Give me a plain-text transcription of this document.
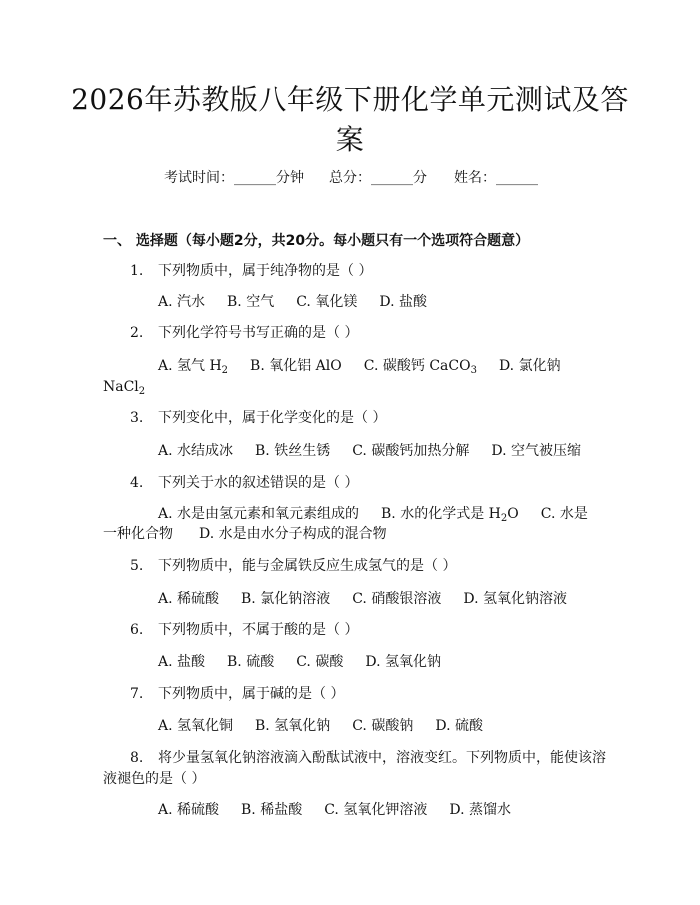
2026年苏教版八年级下册化学单元测试及答
案
考试时间：______分钟 总分：______分 姓名：______
一、 选择题（每小题2分，共20分。每小题只有一个选项符合题意）
1. 下列物质中，属于纯净物的是（ ）
A. 汽水 B. 空气 C. 氧化镁 D. 盐酸
2. 下列化学符号书写正确的是（ ）
A. 氢气 $H_2$ B. 氧化铝 AlO C. 碳酸钙 CaCO$_3$ D. 氯化钠
NaCl$_2$
3. 下列变化中，属于化学变化的是（ ）
A. 水结成冰 B. 铁丝生锈 C. 碳酸钙加热分解 D. 空气被压缩
4. 下列关于水的叙述错误的是（ ）
A. 水是由氢元素和氧元素组成的 B. 水的化学式是 $H_2O$ C. 水是
一种化合物 D. 水是由水分子构成的混合物
5. 下列物质中，能与金属铁反应生成氢气的是（ ）
A. 稀硫酸 B. 氯化钠溶液 C. 硝酸银溶液 D. 氢氧化钠溶液
6. 下列物质中，不属于酸的是（ ）
A. 盐酸 B. 硫酸 C. 碳酸 D. 氢氧化钠
7. 下列物质中，属于碱的是（ ）
A. 氢氧化铜 B. 氢氧化钠 C. 碳酸钠 D. 硫酸
8. 将少量氢氧化钠溶液滴入酚酞试液中，溶液变红。下列物质中，能使该溶
液褪色的是（ ）
A. 稀硫酸 B. 稀盐酸 C. 氢氧化钾溶液 D. 蒸馏水
